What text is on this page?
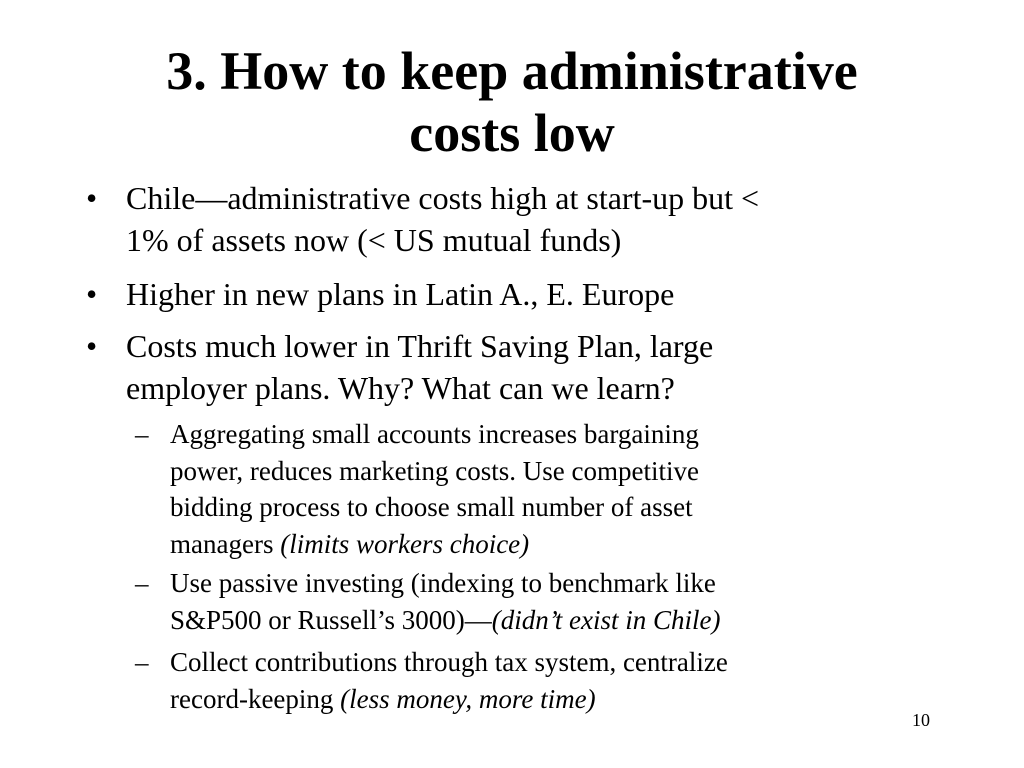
3. How to keep administrative
costs low
• Chile—administrative costs high at start-up but <
1% of assets now (< US mutual funds)
• Higher in new plans in Latin A., E. Europe
• Costs much lower in Thrift Saving Plan, large
employer plans. Why? What can we learn?
– Aggregating small accounts increases bargaining
power, reduces marketing costs. Use competitive
bidding process to choose small number of asset
managers (limits workers choice)
– Use passive investing (indexing to benchmark like
S&P500 or Russell’s 3000)—(didn’t exist in Chile)
– Collect contributions through tax system, centralize
record-keeping (less money, more time)
10
